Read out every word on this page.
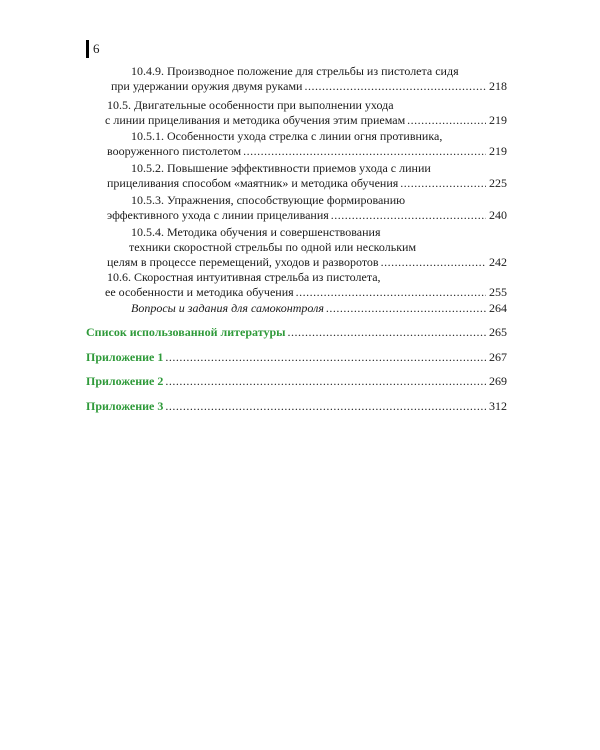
6
10.4.9. Производное положение для стрельбы из пистолета сидя
при удержании оружия двумя руками .....	218
10.5. Двигательные особенности при выполнении ухода
с линии прицеливания и методика обучения этим приемам .....	219
10.5.1. Особенности ухода стрелка с линии огня противника,
вооруженного пистолетом .....	219
10.5.2. Повышение эффективности приемов ухода с линии
прицеливания способом «маятник» и методика обучения .....	225
10.5.3. Упражнения, способствующие формированию
эффективного ухода с линии прицеливания .....	240
10.5.4. Методика обучения и совершенствования
техники скоростной стрельбы по одной или нескольким
целям в процессе перемещений, уходов и разворотов .....	242
10.6. Скоростная интуитивная стрельба из пистолета,
ее особенности и методика обучения .....	255
Вопросы и задания для самоконтроля .....	264
Список использованной литературы .....	265
Приложение 1 .....	267
Приложение 2 .....	269
Приложение 3 .....	312
